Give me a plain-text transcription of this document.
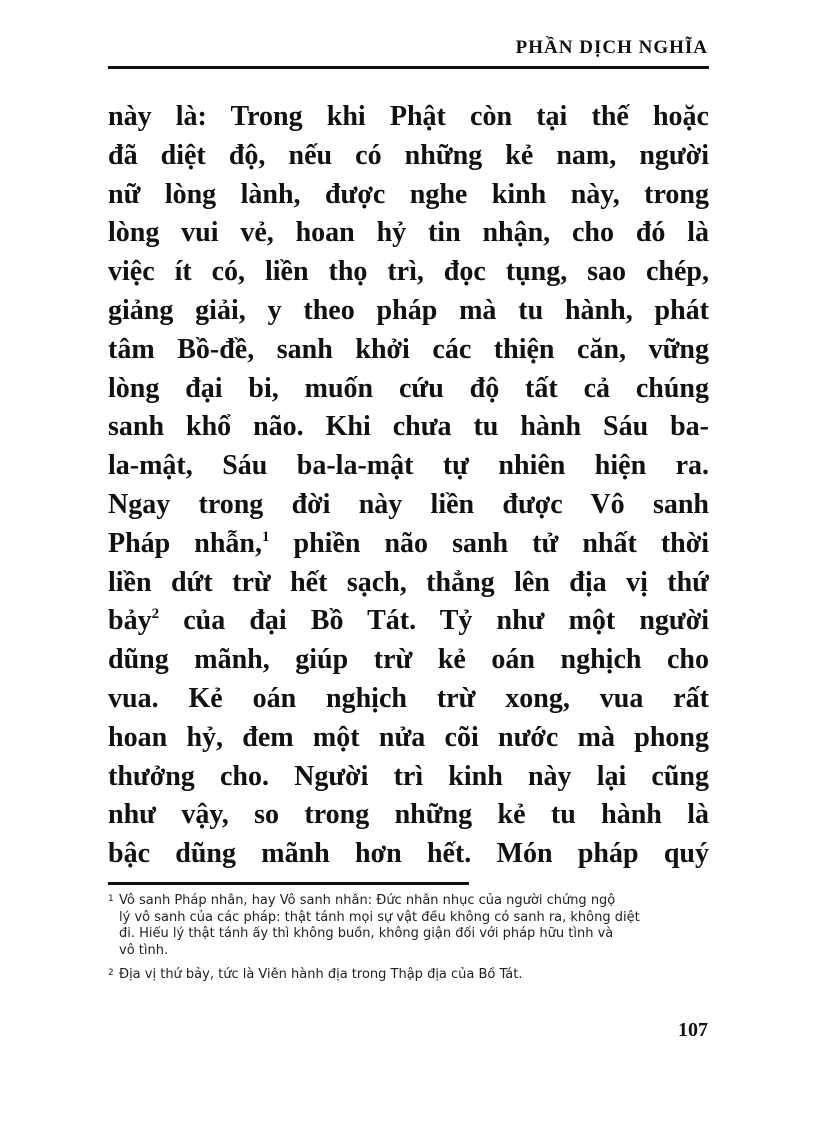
PHẦN DỊCH NGHĨA
này là: Trong khi Phật còn tại thế hoặc
đã diệt độ, nếu có những kẻ nam, người
nữ lòng lành, được nghe kinh này, trong
lòng vui vẻ, hoan hỷ tin nhận, cho đó là
việc ít có, liền thọ trì, đọc tụng, sao chép,
giảng giải, y theo pháp mà tu hành, phát
tâm Bồ-đề, sanh khởi các thiện căn, vững
lòng đại bi, muốn cứu độ tất cả chúng
sanh khổ não. Khi chưa tu hành Sáu ba-
la-mật, Sáu ba-la-mật tự nhiên hiện ra.
Ngay trong đời này liền được Vô sanh
Pháp nhẫn,$^1$ phiền não sanh tử nhất thời
liền dứt trừ hết sạch, thẳng lên địa vị thứ
bảy$^2$ của đại Bồ Tát. Tỷ như một người
dũng mãnh, giúp trừ kẻ oán nghịch cho
vua. Kẻ oán nghịch trừ xong, vua rất
hoan hỷ, đem một nửa cõi nước mà phong
thưởng cho. Người trì kinh này lại cũng
như vậy, so trong những kẻ tu hành là
bậc dũng mãnh hơn hết. Món pháp quý
1 Vô sanh Pháp nhẫn, hay Vô sanh nhẫn: Đức nhẫn nhục của người chứng ngộ
lý vô sanh của các pháp: thật tánh mọi sự vật đều không có sanh ra, không diệt
đi. Hiểu lý thật tánh ấy thì không buồn, không giận đối với pháp hữu tình và
vô tình.
2 Địa vị thứ bảy, tức là Viễn hành địa trong Thập địa của Bồ Tát.
107
